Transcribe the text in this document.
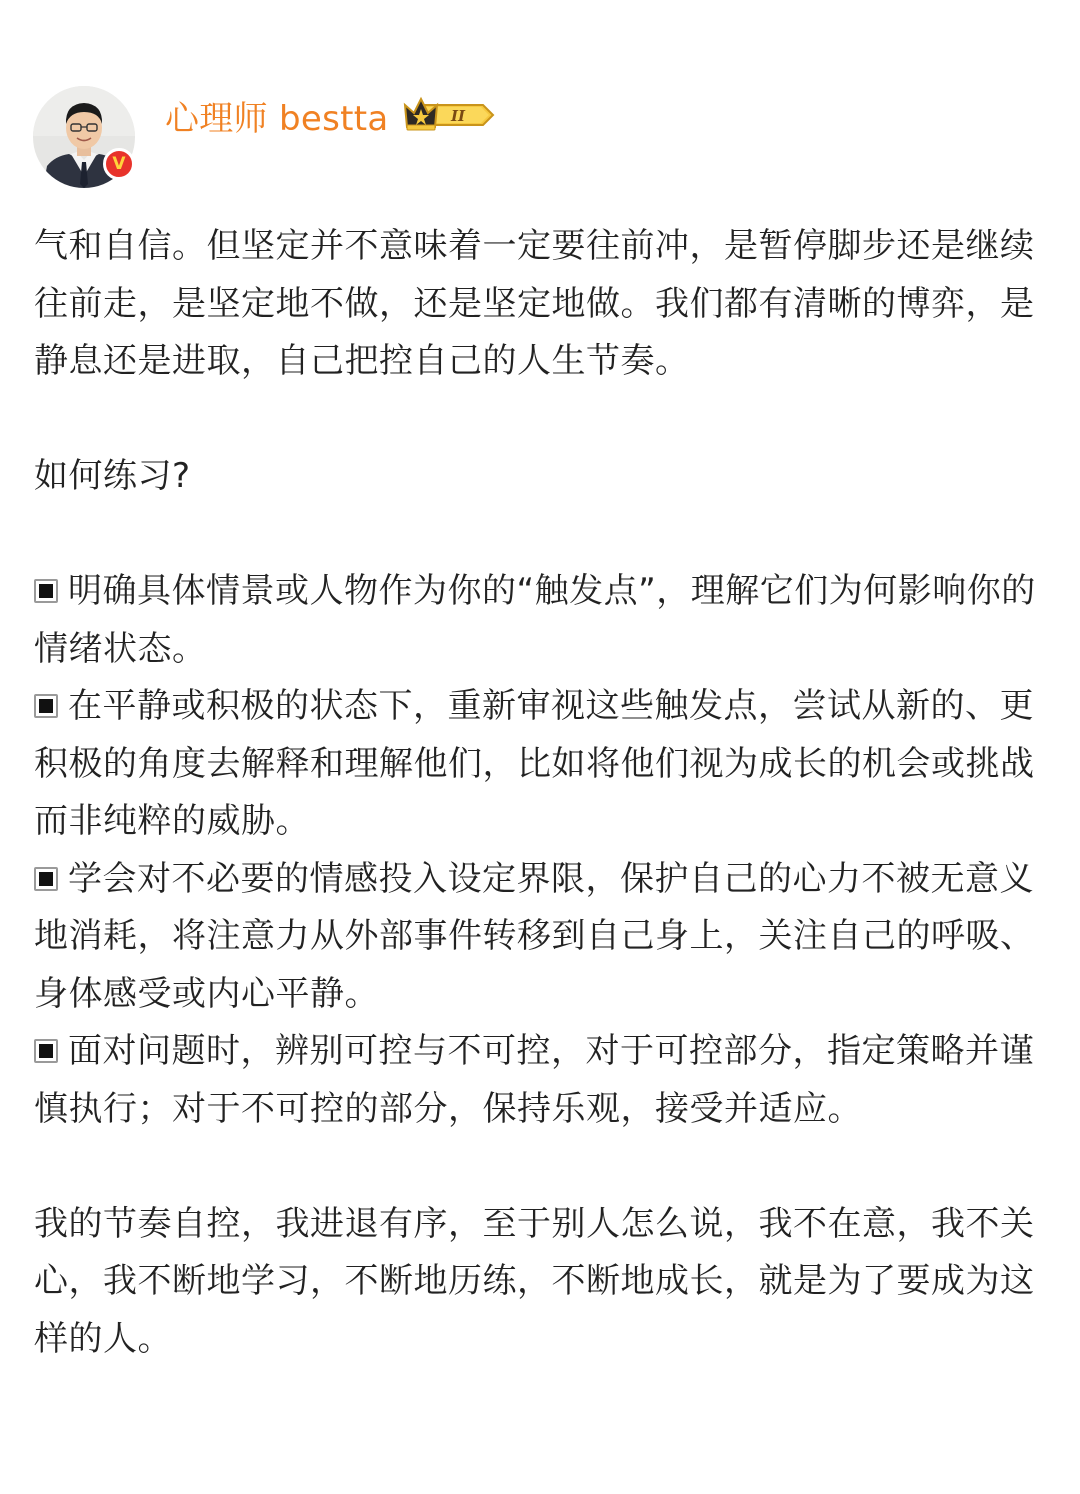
V
心理师 bestta	II

气和自信。但坚定并不意味着一定要往前冲，是暂停脚步还是继续往前走，是坚定地不做，还是坚定地做。我们都有清晰的博弈，是静息还是进取，自己把控自己的人生节奏。

如何练习?

明确具体情景或人物作为你的“触发点”，理解它们为何影响你的情绪状态。

在平静或积极的状态下，重新审视这些触发点，尝试从新的、更积极的角度去解释和理解他们，比如将他们视为成长的机会或挑战而非纯粹的威胁。

学会对不必要的情感投入设定界限，保护自己的心力不被无意义地消耗，将注意力从外部事件转移到自己身上，关注自己的呼吸、身体感受或内心平静。

面对问题时，辨别可控与不可控，对于可控部分，指定策略并谨慎执行；对于不可控的部分，保持乐观，接受并适应。

我的节奏自控，我进退有序，至于别人怎么说，我不在意，我不关心，我不断地学习，不断地历练，不断地成长，就是为了要成为这样的人。
